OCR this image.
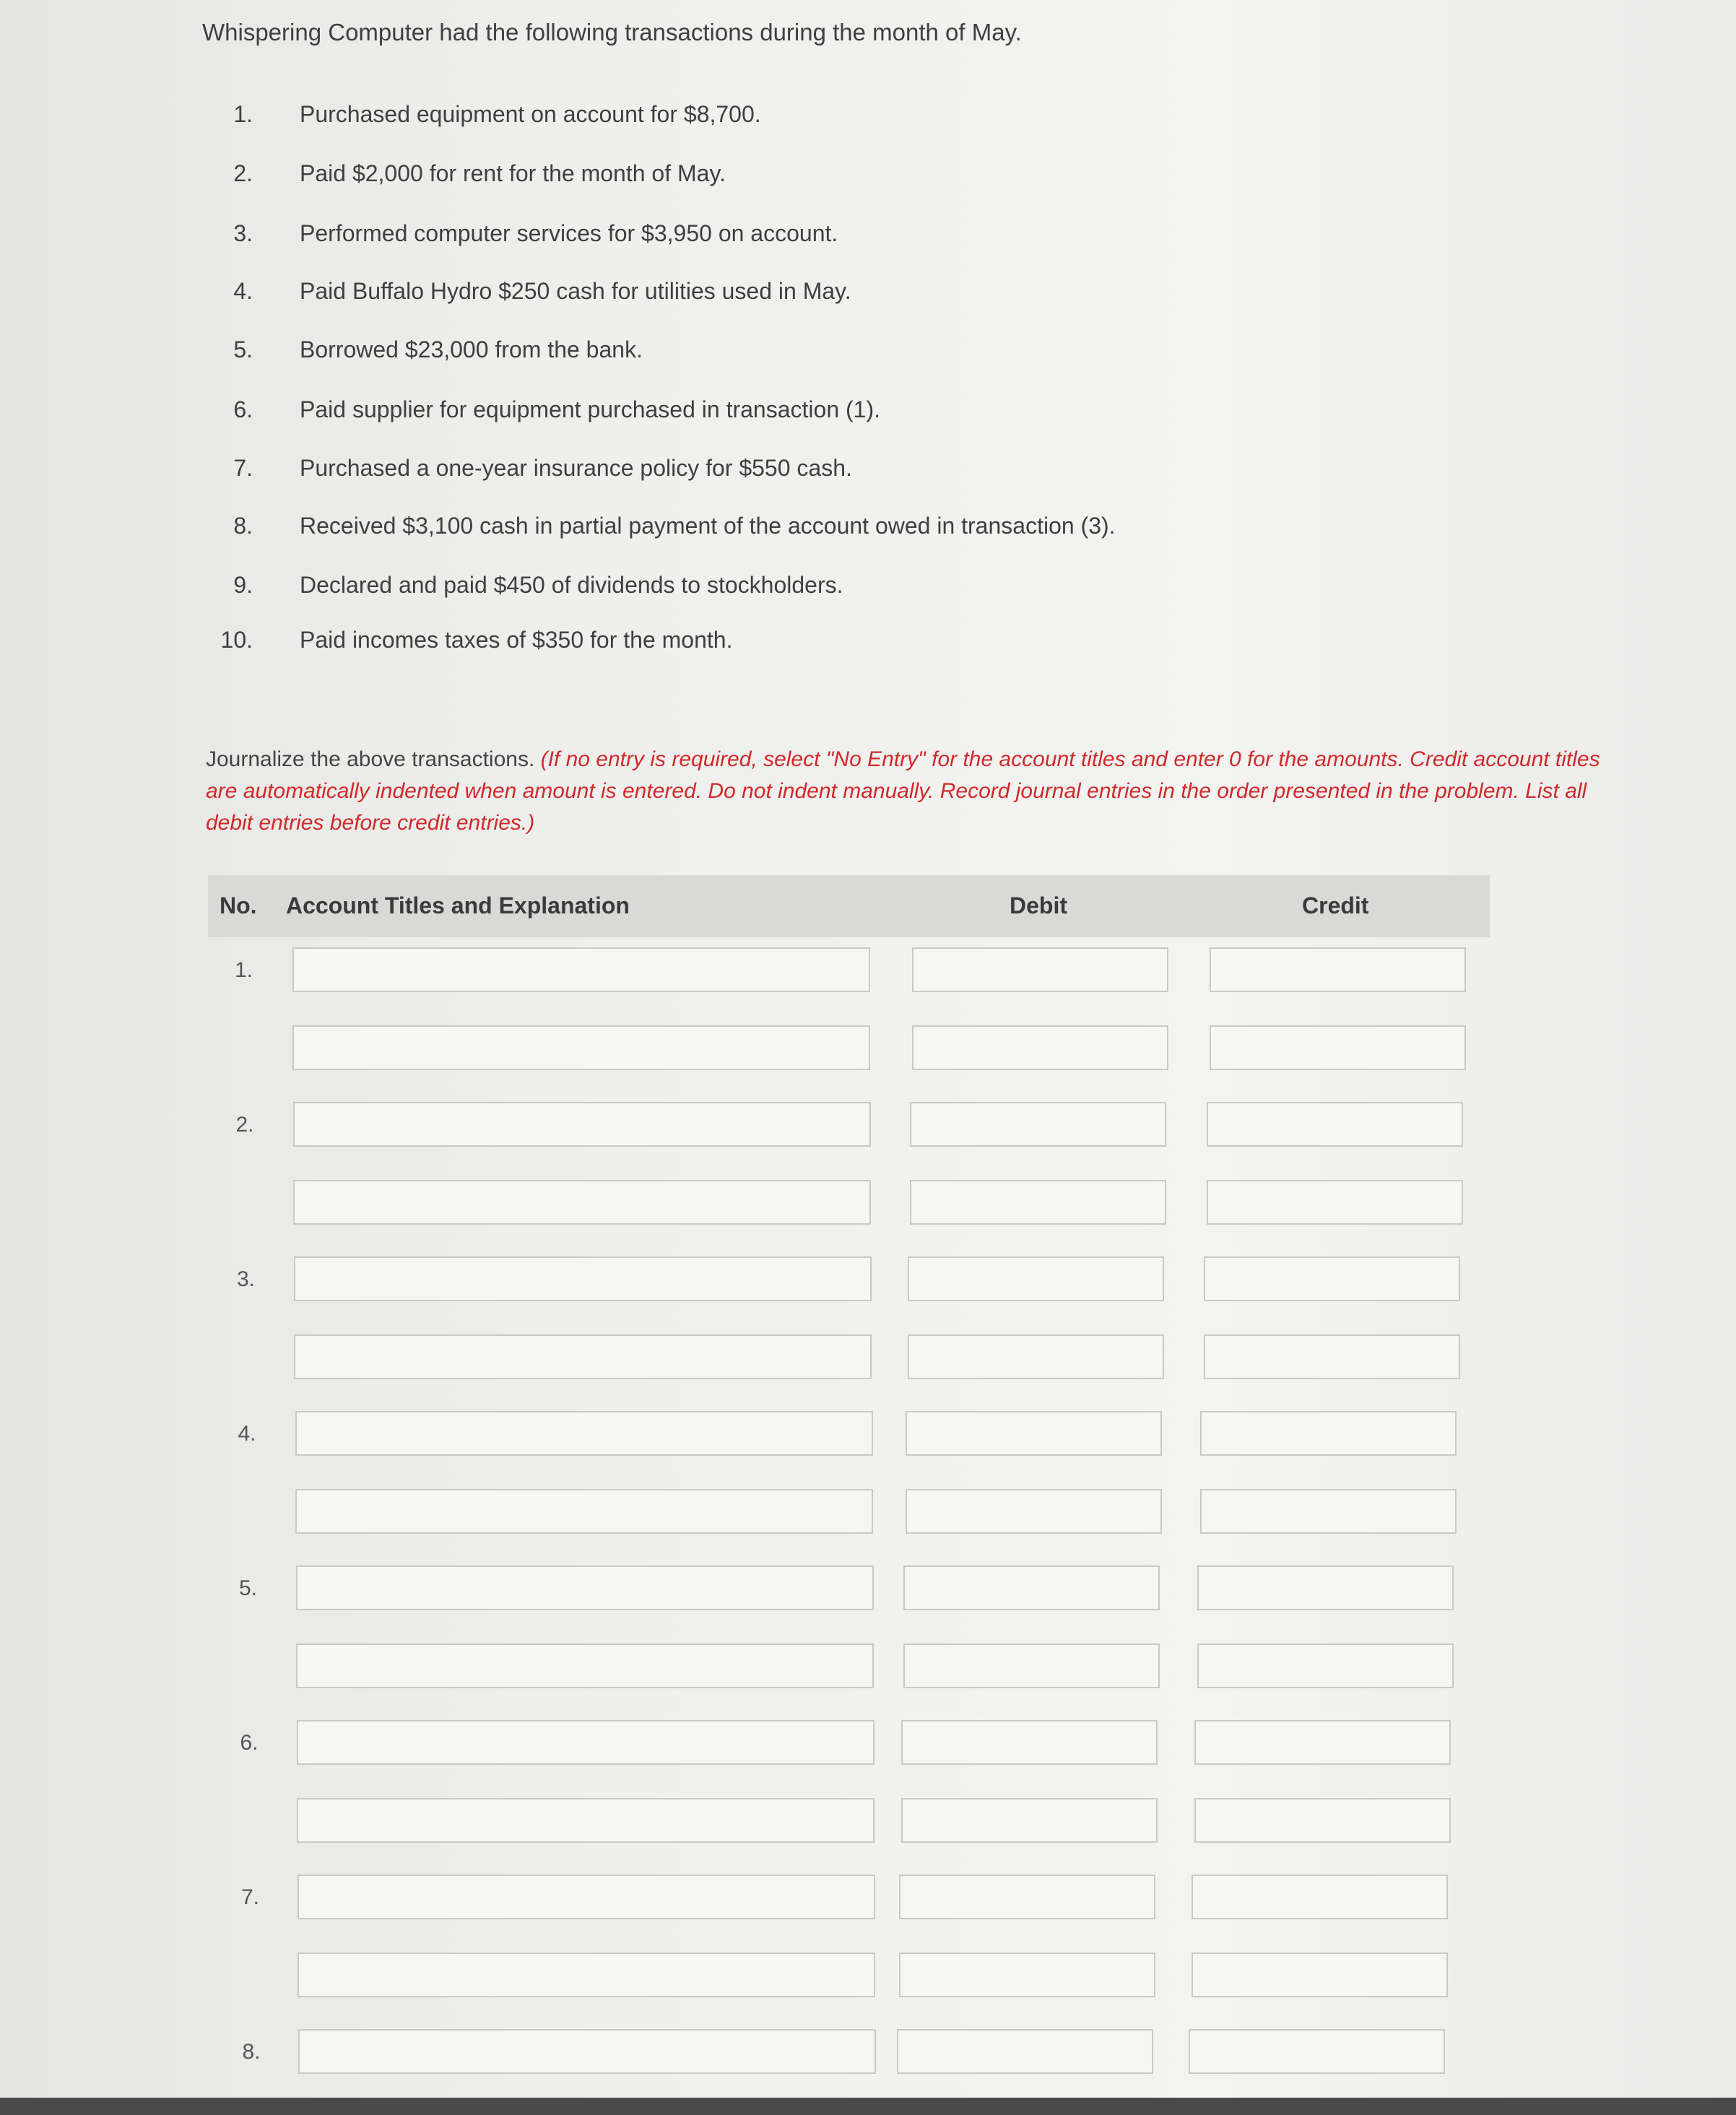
Whispering Computer had the following transactions during the month of May.
1. Purchased equipment on account for $8,700.
2. Paid $2,000 for rent for the month of May.
3. Performed computer services for $3,950 on account.
4. Paid Buffalo Hydro $250 cash for utilities used in May.
5. Borrowed $23,000 from the bank.
6. Paid supplier for equipment purchased in transaction (1).
7. Purchased a one-year insurance policy for $550 cash.
8. Received $3,100 cash in partial payment of the account owed in transaction (3).
9. Declared and paid $450 of dividends to stockholders.
10. Paid incomes taxes of $350 for the month.
Journalize the above transactions. (If no entry is required, select "No Entry" for the account titles and enter 0 for the amounts. Credit account titles are automatically indented when amount is entered. Do not indent manually. Record journal entries in the order presented in the problem. List all debit entries before credit entries.)
No. Account Titles and Explanation	Debit	Credit
1.
2.
3.
4.
5.
6.
7.
8.
